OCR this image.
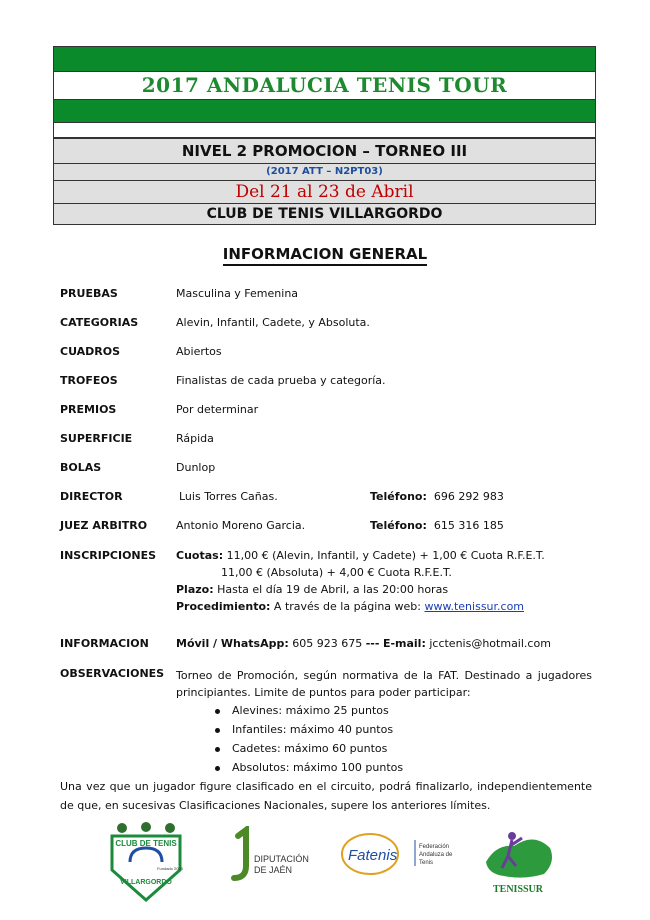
2017 ANDALUCIA TENIS TOUR
NIVEL 2 PROMOCION – TORNEO III
(2017 ATT – N2PT03)
Del 21 al 23 de Abril
CLUB DE TENIS VILLARGORDO
INFORMACION GENERAL
PRUEBAS	Masculina y Femenina
CATEGORIAS	Alevin, Infantil, Cadete, y Absoluta.
CUADROS	Abiertos
TROFEOS	Finalistas de cada prueba y categoría.
PREMIOS	Por determinar
SUPERFICIE	Rápida
BOLAS	Dunlop
DIRECTOR	Luis Torres Cañas.	Teléfono: 696 292 983
JUEZ ARBITRO	Antonio Moreno Garcia.	Teléfono: 615 316 185
INSCRIPCIONES Cuotas: 11,00 € (Alevin, Infantil, y Cadete) + 1,00 € Cuota R.F.E.T.
11,00 € (Absoluta) + 4,00 € Cuota R.F.E.T.
Plazo: Hasta el día 19 de Abril, a las 20:00 horas
Procedimiento: A través de la página web: www.tenissur.com
INFORMACION Móvil / WhatsApp: 605 923 675 --- E-mail: jcctenis@hotmail.com
OBSERVACIONES Torneo de Promoción, según normativa de la FAT. Destinado a jugadores principiantes. Limite de puntos para poder participar:
Alevines: máximo 25 puntos
Infantiles: máximo 40 puntos
Cadetes: máximo 60 puntos
Absolutos: máximo 100 puntos
Una vez que un jugador figure clasificado en el circuito, podrá finalizarlo, independientemente de que, en sucesivas Clasificaciones Nacionales, supere los anteriores límites.
CLUB DE TENIS
VILLARGORDO
Fundado 2003
DIPUTACIÓN
DE JAÉN
Fatenis	Federación
Andaluza de
Tenis
TENISSUR
